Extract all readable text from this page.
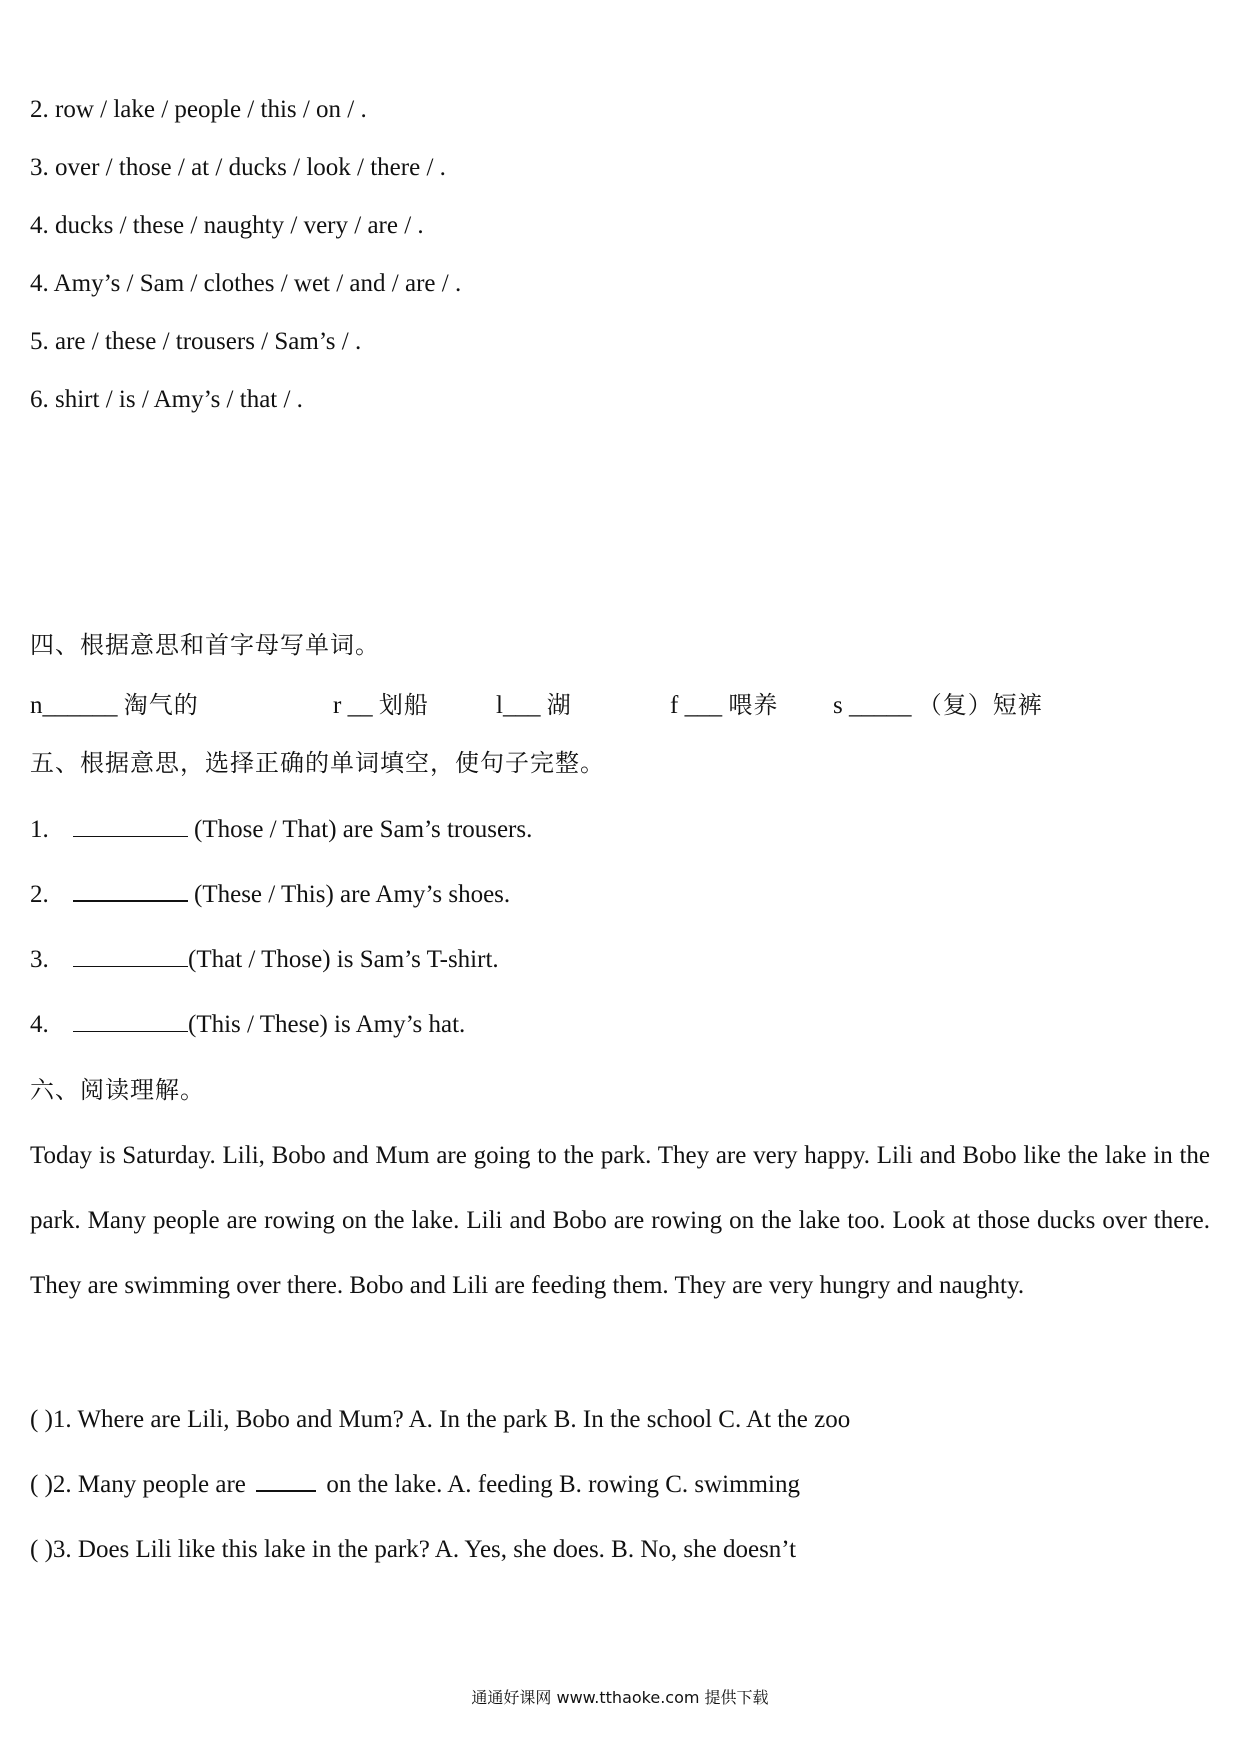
2. row / lake / people / this / on / .
3. over / those / at / ducks / look / there / .
4. ducks / these / naughty / very / are / .
4. Amy’s / Sam / clothes / wet / and / are / .
5. are / these / trousers / Sam’s / .
6. shirt / is / Amy’s / that / .
四、根据意思和首字母写单词。
n______ 淘气的	r __ 划船	l___ 湖	f ___ 喂养 s _____ （复）短裤
五、根据意思，选择正确的单词填空，使句子完整。
1.	(Those / That) are Sam’s trousers.
2.	(These / This) are Amy’s shoes.
3.	(That / Those) is Sam’s T-shirt.
4.	(This / These) is Amy’s hat.
六、阅读理解。
Today is Saturday. Lili, Bobo and Mum are going to the park. They are very happy. Lili and Bobo like the lake in the park. Many people are rowing on the lake. Lili and Bobo are rowing on the lake too. Look at those ducks over there. They are swimming over there. Bobo and Lili are feeding them. They are very hungry and naughty.
( )1. Where are Lili, Bobo and Mum? A. In the park B. In the school C. At the zoo
( )2. Many people are	on the lake. A. feeding B. rowing C. swimming
( )3. Does Lili like this lake in the park? A. Yes, she does. B. No, she doesn’t
通通好课网 www.tthaoke.com 提供下载
